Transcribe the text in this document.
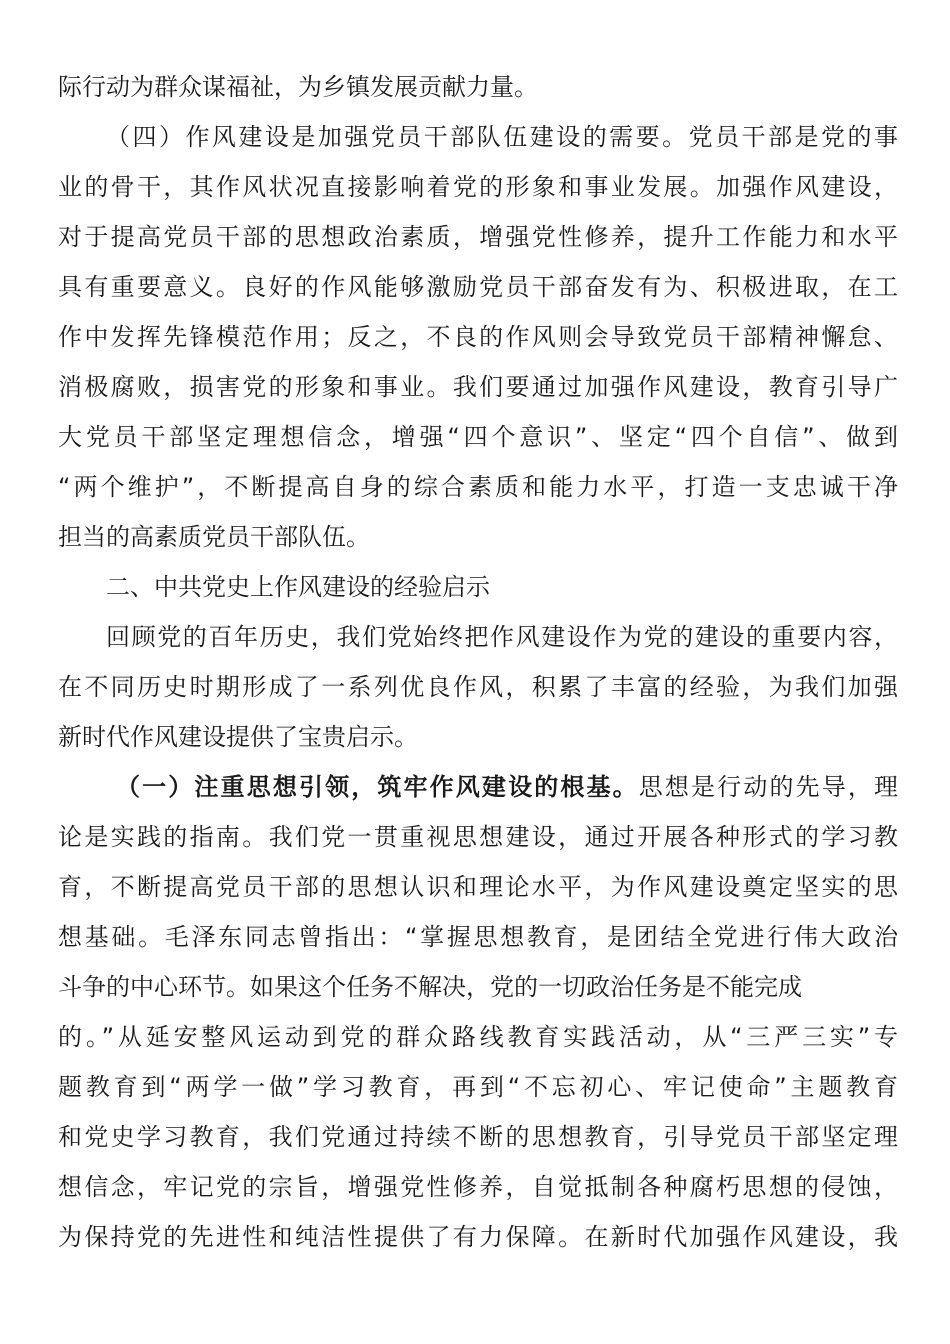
际行动为群众谋福祉，为乡镇发展贡献力量。
（四）作风建设是加强党员干部队伍建设的需要。党员干部是党的事
业的骨干，其作风状况直接影响着党的形象和事业发展。加强作风建设，
对于提高党员干部的思想政治素质，增强党性修养，提升工作能力和水平
具有重要意义。良好的作风能够激励党员干部奋发有为、积极进取，在工
作中发挥先锋模范作用；反之，不良的作风则会导致党员干部精神懈怠、
消极腐败，损害党的形象和事业。我们要通过加强作风建设，教育引导广
大党员干部坚定理想信念，增强“四个意识”、坚定“四个自信”、做到
“两个维护”，不断提高自身的综合素质和能力水平，打造一支忠诚干净
担当的高素质党员干部队伍。
二、中共党史上作风建设的经验启示
回顾党的百年历史，我们党始终把作风建设作为党的建设的重要内容，
在不同历史时期形成了一系列优良作风，积累了丰富的经验，为我们加强
新时代作风建设提供了宝贵启示。
（一）注重思想引领，筑牢作风建设的根基。思想是行动的先导，理
论是实践的指南。我们党一贯重视思想建设，通过开展各种形式的学习教
育，不断提高党员干部的思想认识和理论水平，为作风建设奠定坚实的思
想基础。毛泽东同志曾指出：“掌握思想教育，是团结全党进行伟大政治
斗争的中心环节。如果这个任务不解决，党的一切政治任务是不能完成
的。”从延安整风运动到党的群众路线教育实践活动，从“三严三实”专
题教育到“两学一做”学习教育，再到“不忘初心、牢记使命”主题教育
和党史学习教育，我们党通过持续不断的思想教育，引导党员干部坚定理
想信念，牢记党的宗旨，增强党性修养，自觉抵制各种腐朽思想的侵蚀，
为保持党的先进性和纯洁性提供了有力保障。在新时代加强作风建设，我
